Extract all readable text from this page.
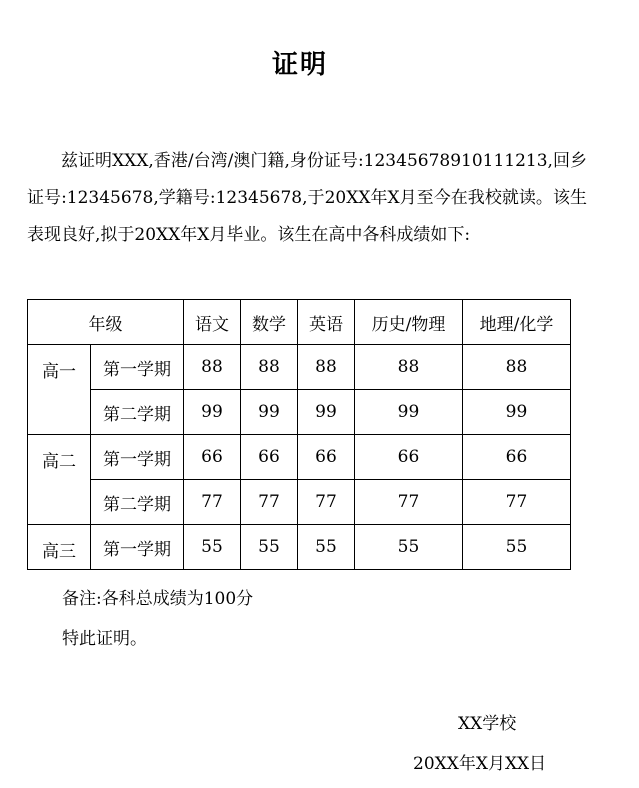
证明

兹证明XXX,香港/台湾/澳门籍,身份证号:12345678910111213,回乡证号:12345678,学籍号:12345678,于20XX年X月至今在我校就读。该生表现良好,拟于20XX年X月毕业。该生在高中各科成绩如下:

年级		语文	数学	英语	历史/物理	地理/化学
高一	第一学期	88	88	88	88	88
	第二学期	99	99	99	99	99
高二	第一学期	66	66	66	66	66
	第二学期	77	77	77	77	77
高三	第一学期	55	55	55	55	55
备注:各科总成绩为100分
特此证明。
XX学校
20XX年X月XX日
